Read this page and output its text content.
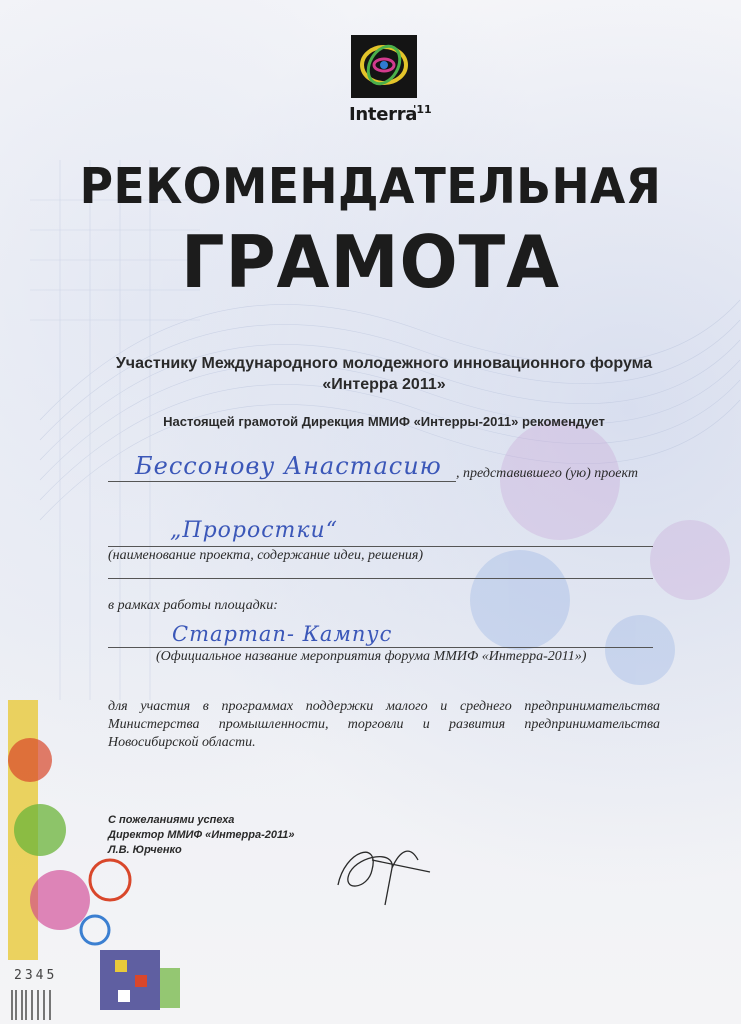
Interra
'11
РЕКОМЕНДАТЕЛЬНАЯ
ГРАМОТА
Участнику Международного молодежного инновационного форума
«Интерра 2011»
Настоящей грамотой Дирекция ММИФ «Интерры-2011» рекомендует
Бессонову Анастасию , представившего (ую) проект
„Проростки“
(наименование проекта, содержание идеи, решения)
в рамках работы площадки:
Стартап- Кампус
(Официальное название мероприятия форума ММИФ «Интерра-2011»)
для участия в программах поддержки малого и среднего предпринимательства Министерства промышленности, торговли и развития предпринимательства Новосибирской области.
С пожеланиями успеха
Директор ММИФ «Интерра-2011»
Л.В. Юрченко
2345
